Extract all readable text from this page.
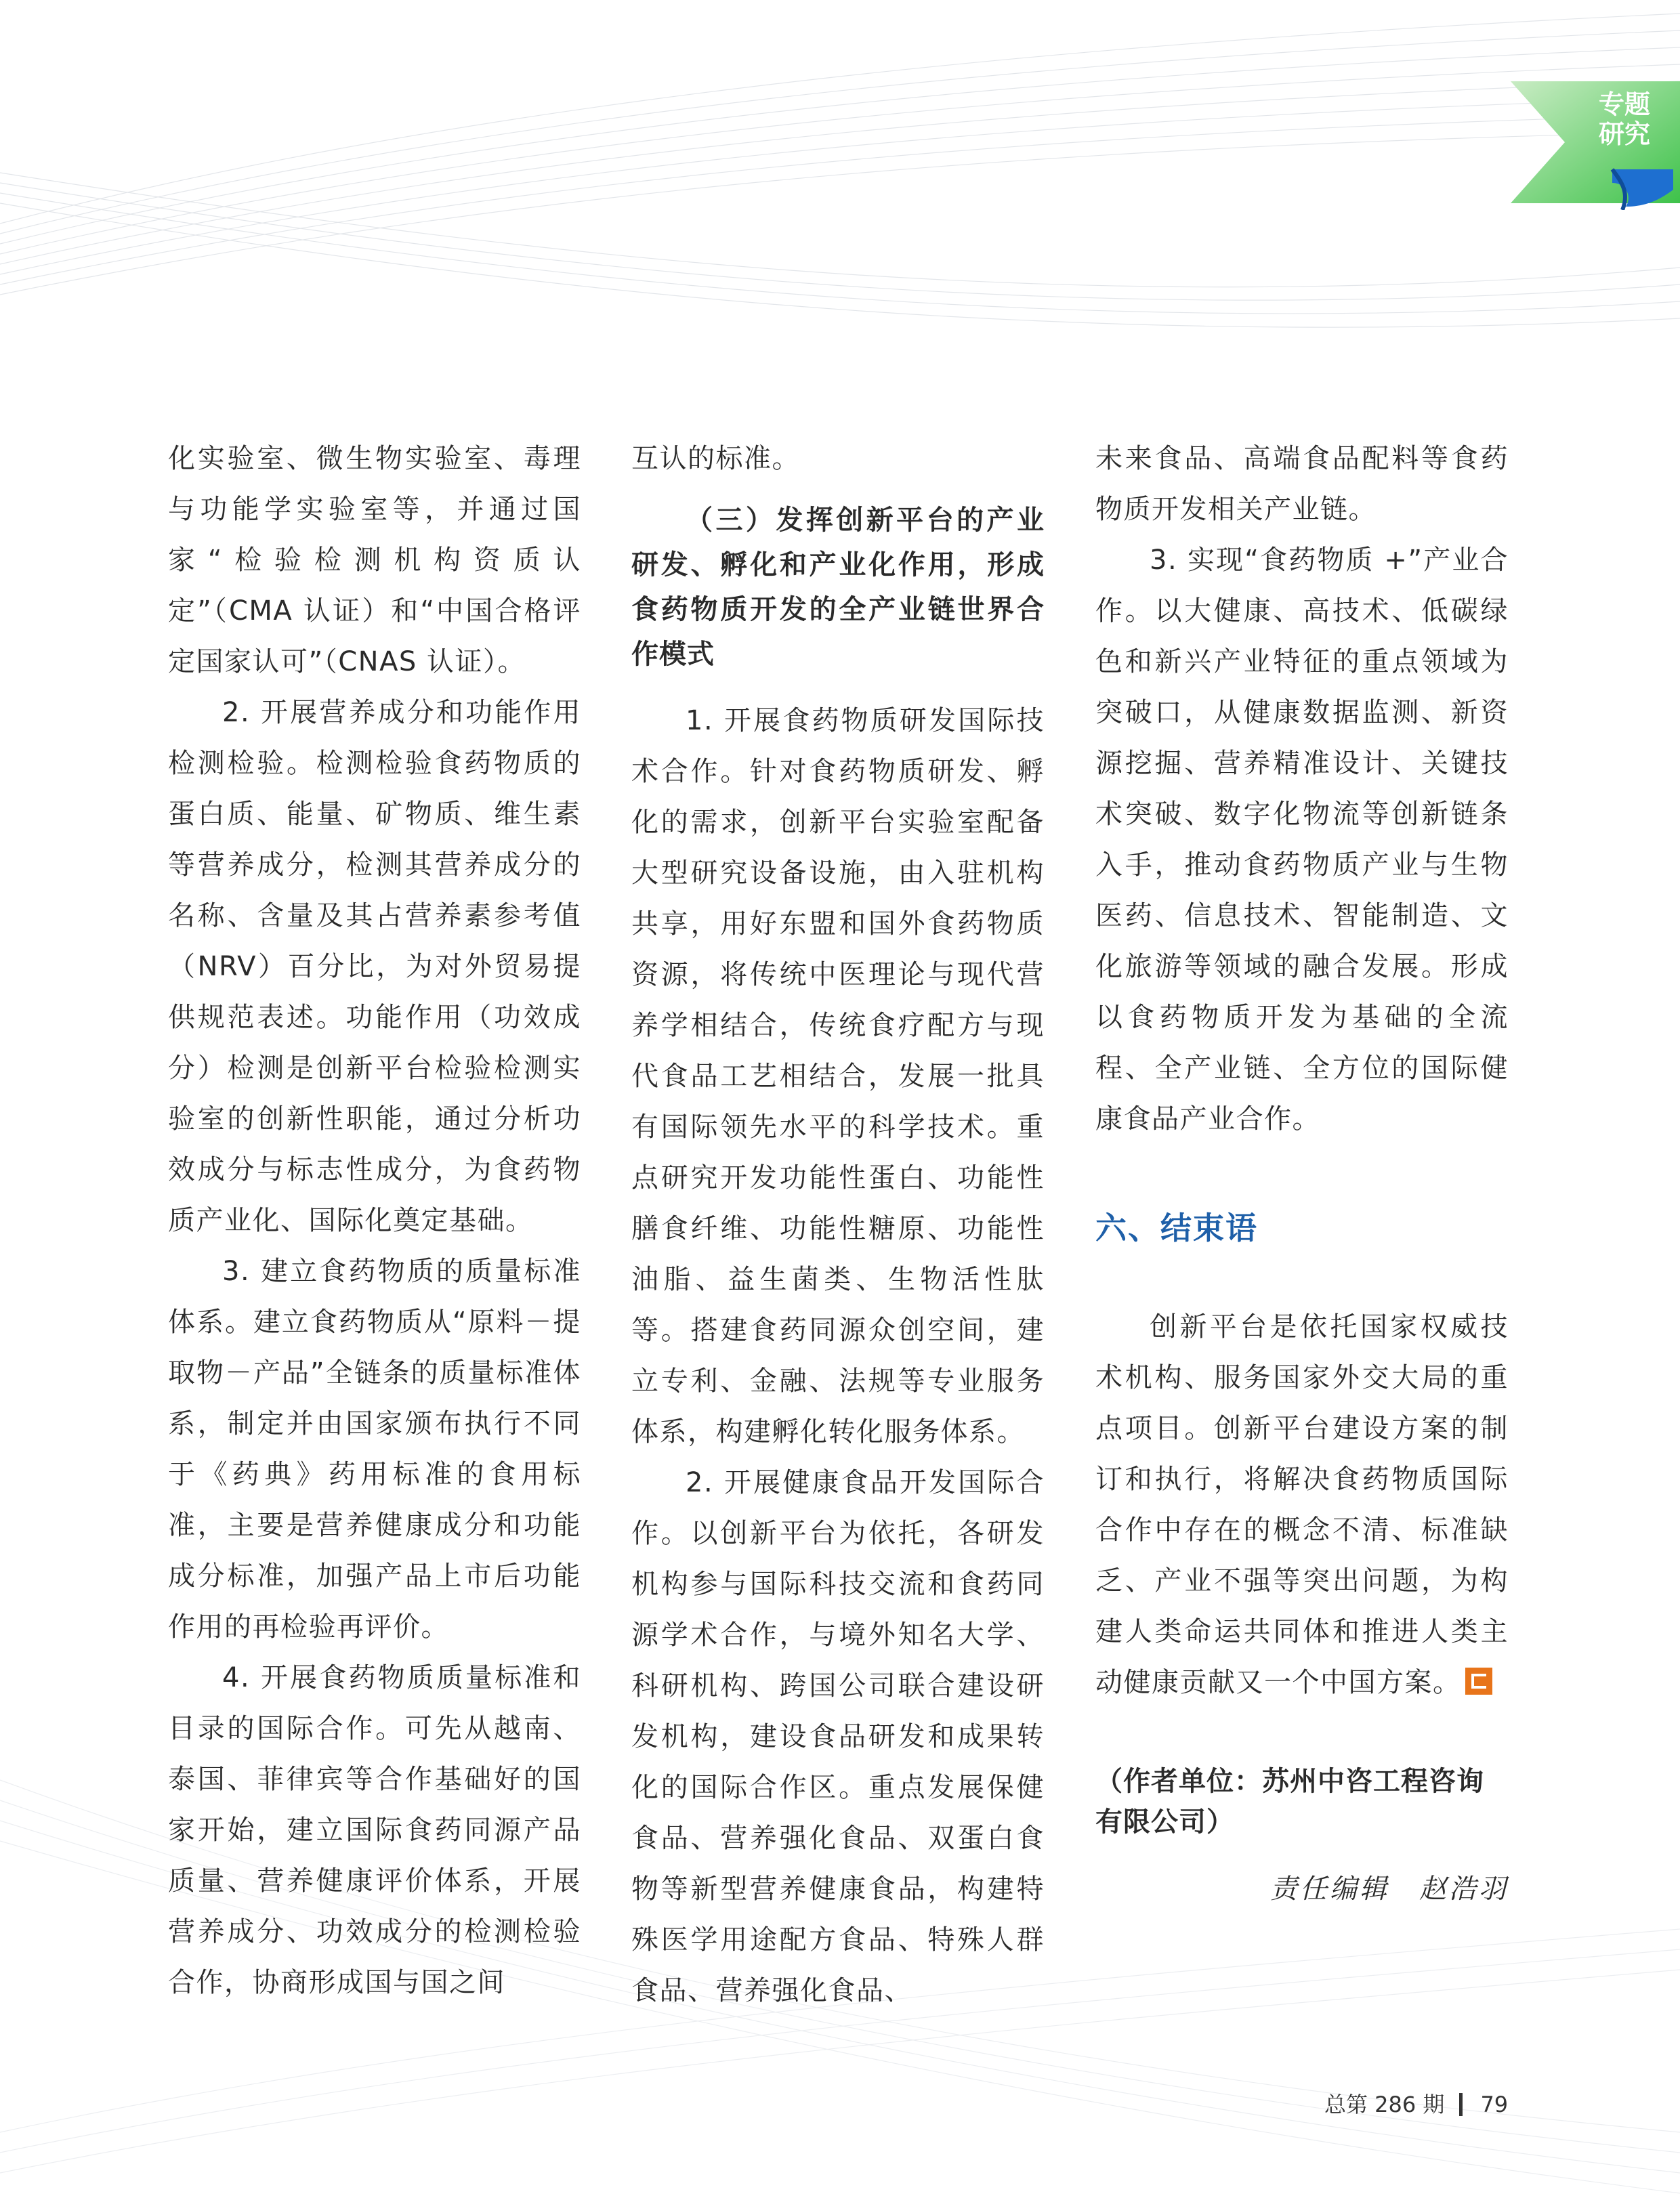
专题
研究

化实验室、微生物实验室、毒理与功能学实验室等，并通过国家“检验检测机构资质认定”（CMA 认证）和“中国合格评定国家认可”（CNAS 认证）。

2. 开展营养成分和功能作用检测检验。检测检验食药物质的蛋白质、能量、矿物质、维生素等营养成分，检测其营养成分的名称、含量及其占营养素参考值（NRV）百分比，为对外贸易提供规范表述。功能作用（功效成分）检测是创新平台检验检测实验室的创新性职能，通过分析功效成分与标志性成分，为食药物质产业化、国际化奠定基础。

3. 建立食药物质的质量标准体系。建立食药物质从“原料－提取物－产品”全链条的质量标准体系，制定并由国家颁布执行不同于《药典》药用标准的食用标准，主要是营养健康成分和功能成分标准，加强产品上市后功能作用的再检验再评价。

4. 开展食药物质质量标准和目录的国际合作。可先从越南、泰国、菲律宾等合作基础好的国家开始，建立国际食药同源产品质量、营养健康评价体系，开展营养成分、功效成分的检测检验合作，协商形成国与国之间

互认的标准。

（三）发挥创新平台的产业研发、孵化和产业化作用，形成食药物质开发的全产业链世界合作模式

1. 开展食药物质研发国际技术合作。针对食药物质研发、孵化的需求，创新平台实验室配备大型研究设备设施，由入驻机构共享，用好东盟和国外食药物质资源，将传统中医理论与现代营养学相结合，传统食疗配方与现代食品工艺相结合，发展一批具有国际领先水平的科学技术。重点研究开发功能性蛋白、功能性膳食纤维、功能性糖原、功能性油脂、益生菌类、生物活性肽等。搭建食药同源众创空间，建立专利、金融、法规等专业服务体系，构建孵化转化服务体系。

2. 开展健康食品开发国际合作。以创新平台为依托，各研发机构参与国际科技交流和食药同源学术合作，与境外知名大学、科研机构、跨国公司联合建设研发机构，建设食品研发和成果转化的国际合作区。重点发展保健食品、营养强化食品、双蛋白食物等新型营养健康食品，构建特殊医学用途配方食品、特殊人群食品、营养强化食品、

未来食品、高端食品配料等食药物质开发相关产业链。

3. 实现“食药物质 +”产业合作。以大健康、高技术、低碳绿色和新兴产业特征的重点领域为突破口，从健康数据监测、新资源挖掘、营养精准设计、关键技术突破、数字化物流等创新链条入手，推动食药物质产业与生物医药、信息技术、智能制造、文化旅游等领域的融合发展。形成以食药物质开发为基础的全流程、全产业链、全方位的国际健康食品产业合作。

六、结束语

创新平台是依托国家权威技术机构、服务国家外交大局的重点项目。创新平台建设方案的制订和执行，将解决食药物质国际合作中存在的概念不清、标准缺乏、产业不强等突出问题，为构建人类命运共同体和推进人类主动健康贡献又一个中国方案。

（作者单位：苏州中咨工程咨询有限公司）

责任编辑　赵浩羽

总第 286 期 79
